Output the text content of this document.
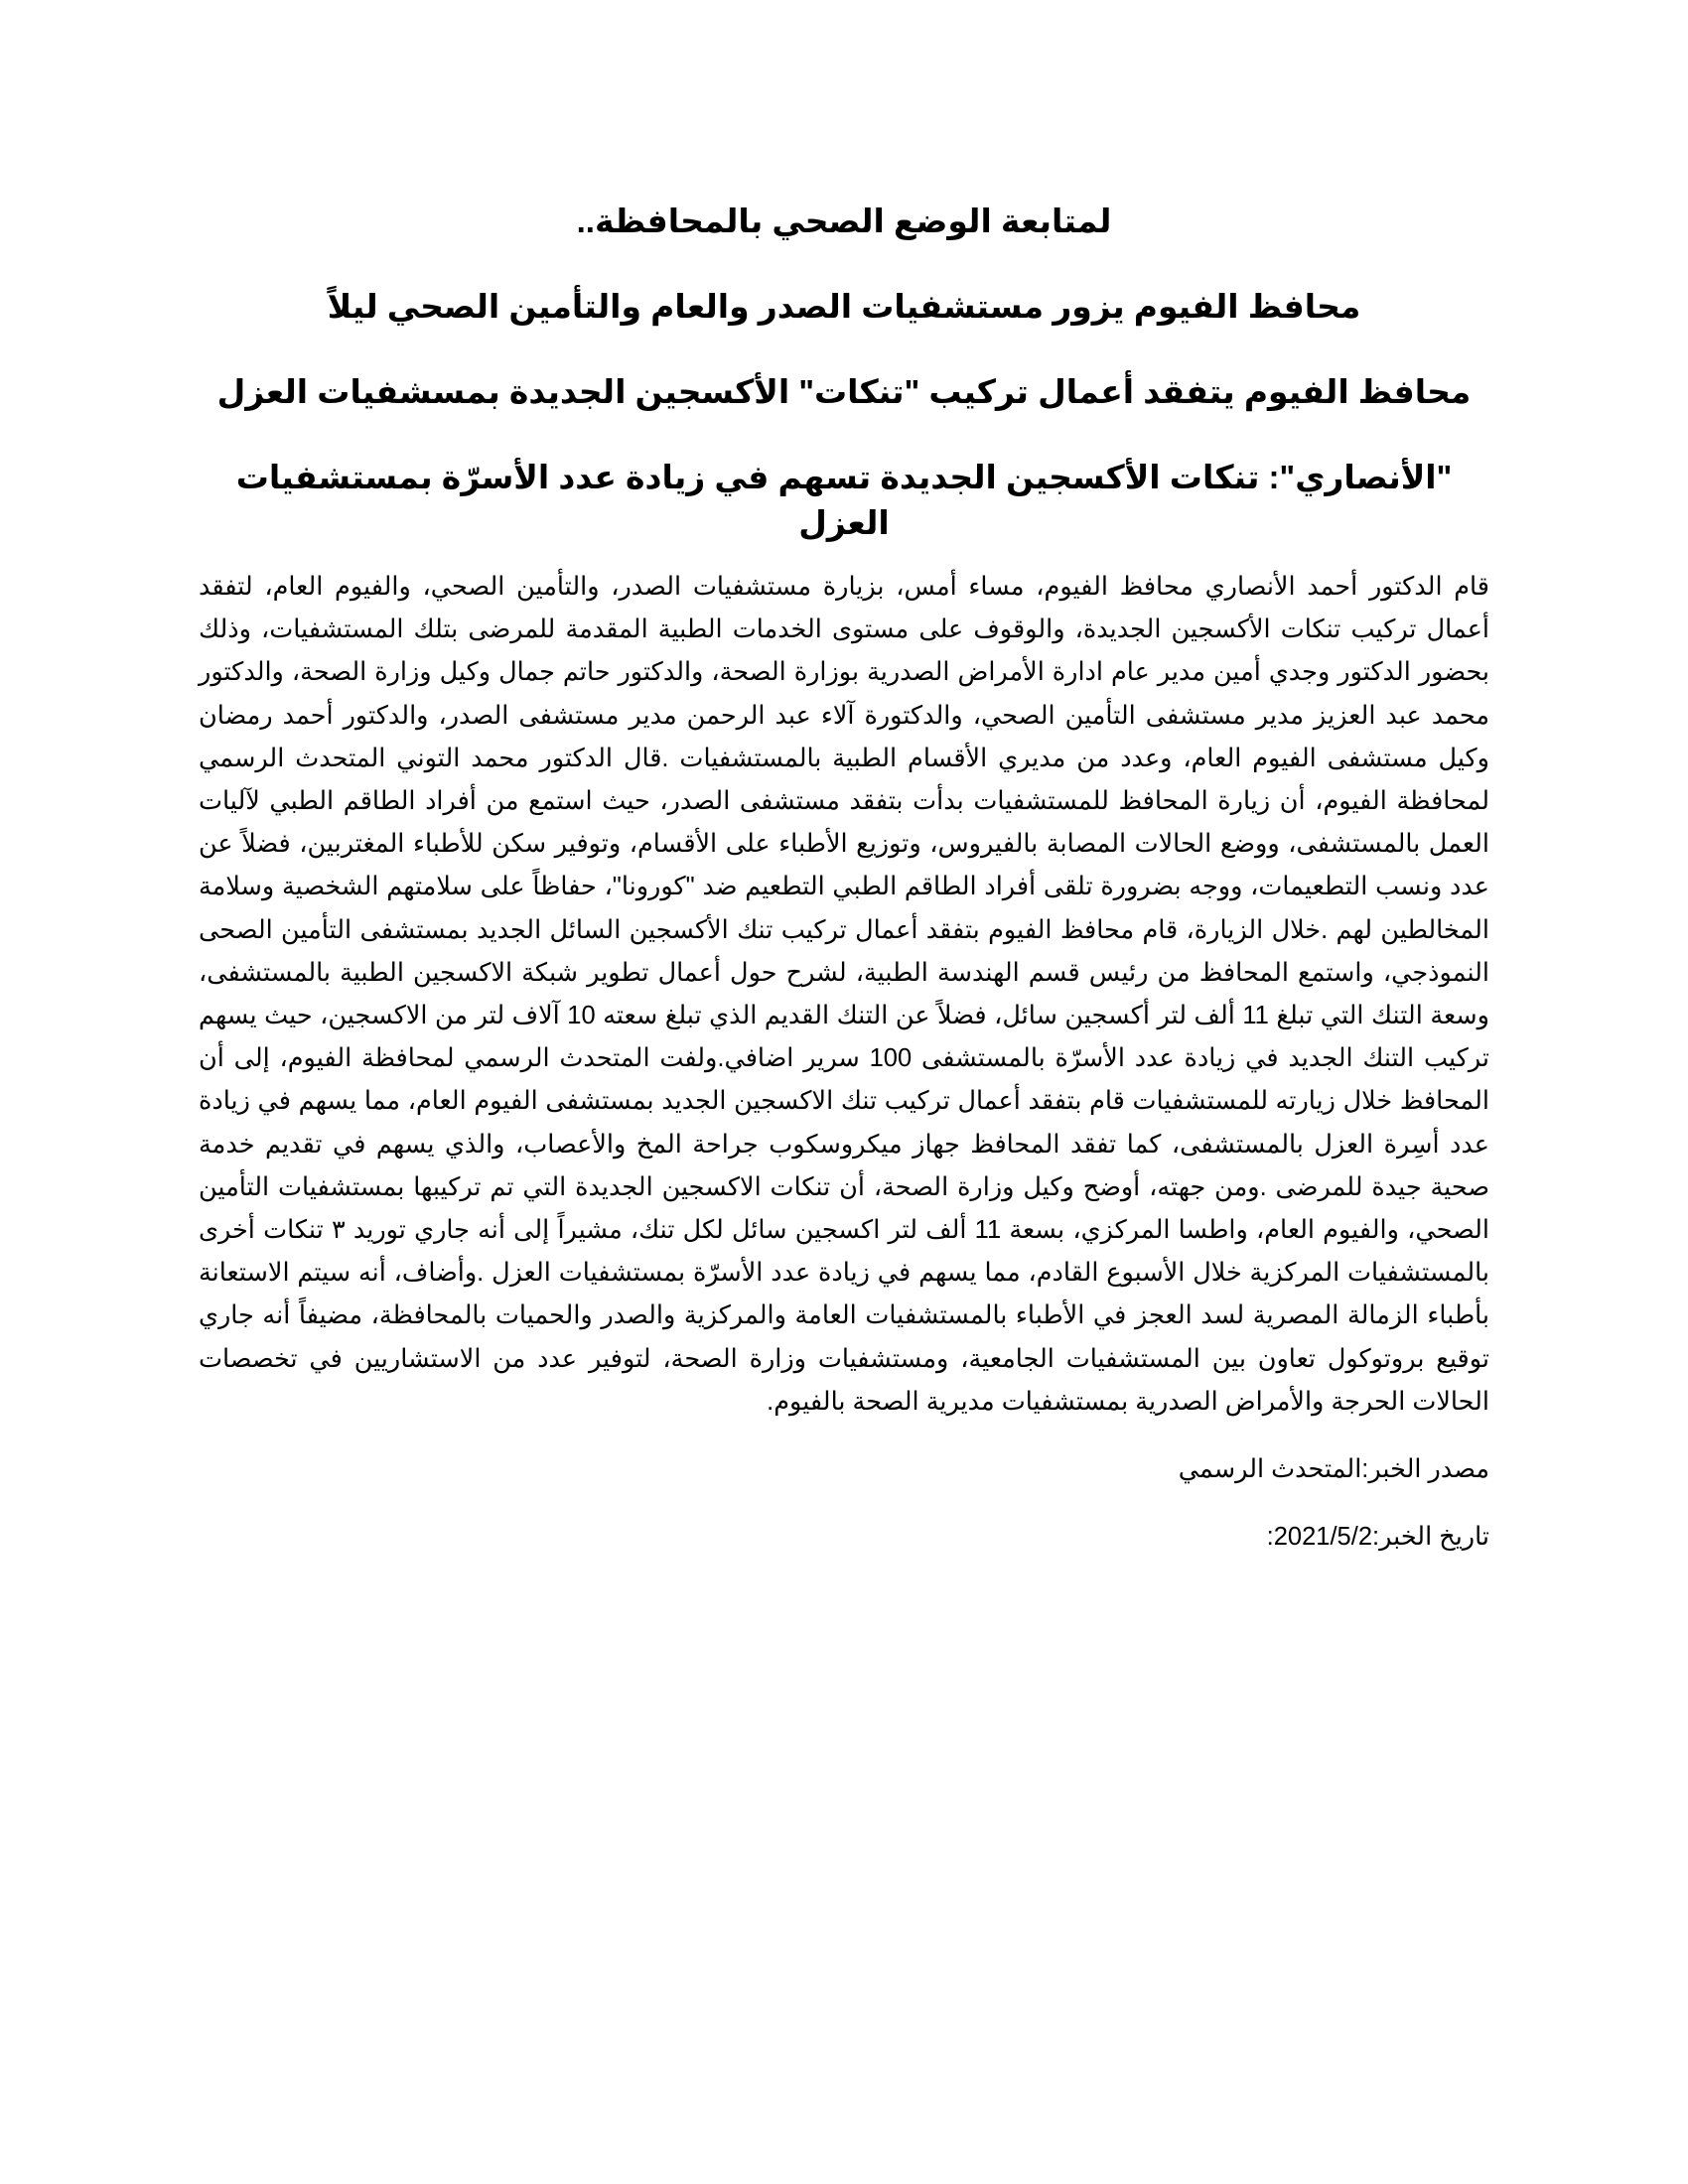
لمتابعة الوضع الصحي بالمحافظة..
محافظ الفيوم يزور مستشفيات الصدر والعام والتأمين الصحي ليلاً
محافظ الفيوم يتفقد أعمال تركيب "تنكات" الأكسجين الجديدة بمسشفيات العزل
"الأنصاري": تنكات الأكسجين الجديدة تسهم في زيادة عدد الأسرّة بمستشفيات العزل

قام الدكتور أحمد الأنصاري محافظ الفيوم، مساء أمس، بزيارة مستشفيات الصدر، والتأمين الصحي، والفيوم العام، لتفقد أعمال تركيب تنكات الأكسجين الجديدة، والوقوف على مستوى الخدمات الطبية المقدمة للمرضى بتلك المستشفيات، وذلك بحضور الدكتور وجدي أمين مدير عام ادارة الأمراض الصدرية بوزارة الصحة، والدكتور حاتم جمال وكيل وزارة الصحة، والدكتور محمد عبد العزيز مدير مستشفى التأمين الصحي، والدكتورة آلاء عبد الرحمن مدير مستشفى الصدر، والدكتور أحمد رمضان وكيل مستشفى الفيوم العام، وعدد من مديري الأقسام الطبية بالمستشفيات .قال الدكتور محمد التوني المتحدث الرسمي لمحافظة الفيوم، أن زيارة المحافظ للمستشفيات بدأت بتفقد مستشفى الصدر، حيث استمع من أفراد الطاقم الطبي لآليات العمل بالمستشفى، ووضع الحالات المصابة بالفيروس، وتوزيع الأطباء على الأقسام، وتوفير سكن للأطباء المغتربين، فضلاً عن عدد ونسب التطعيمات، ووجه بضرورة تلقى أفراد الطاقم الطبي التطعيم ضد "كورونا"، حفاظاً على سلامتهم الشخصية وسلامة المخالطين لهم .خلال الزيارة، قام محافظ الفيوم بتفقد أعمال تركيب تنك الأكسجين السائل الجديد بمستشفى التأمين الصحى النموذجي، واستمع المحافظ من رئيس قسم الهندسة الطبية، لشرح حول أعمال تطوير شبكة الاكسجين الطبية بالمستشفى، وسعة التنك التي تبلغ 11 ألف لتر أكسجين سائل، فضلاً عن التنك القديم الذي تبلغ سعته 10 آلاف لتر من الاكسجين، حيث يسهم تركيب التنك الجديد في زيادة عدد الأسرّة بالمستشفى 100 سرير اضافي.ولفت المتحدث الرسمي لمحافظة الفيوم، إلى أن المحافظ خلال زيارته للمستشفيات قام بتفقد أعمال تركيب تنك الاكسجين الجديد بمستشفى الفيوم العام، مما يسهم في زيادة عدد أسِرة العزل بالمستشفى، كما تفقد المحافظ جهاز ميكروسكوب جراحة المخ والأعصاب، والذي يسهم في تقديم خدمة صحية جيدة للمرضى .ومن جهته، أوضح وكيل وزارة الصحة، أن تنكات الاكسجين الجديدة التي تم تركيبها بمستشفيات التأمين الصحي، والفيوم العام، واطسا المركزي، بسعة 11 ألف لتر اكسجين سائل لكل تنك، مشيراً إلى أنه جاري توريد ٣ تنكات أخرى بالمستشفيات المركزية خلال الأسبوع القادم، مما يسهم في زيادة عدد الأسرّة بمستشفيات العزل .وأضاف، أنه سيتم الاستعانة بأطباء الزمالة المصرية لسد العجز في الأطباء بالمستشفيات العامة والمركزية والصدر والحميات بالمحافظة، مضيفاً أنه جاري توقيع بروتوكول تعاون بين المستشفيات الجامعية، ومستشفيات وزارة الصحة، لتوفير عدد من الاستشاريين في تخصصات الحالات الحرجة والأمراض الصدرية بمستشفيات مديرية الصحة بالفيوم.

مصدر الخبر:المتحدث الرسمي
تاريخ الخبر:2021/5/2:
